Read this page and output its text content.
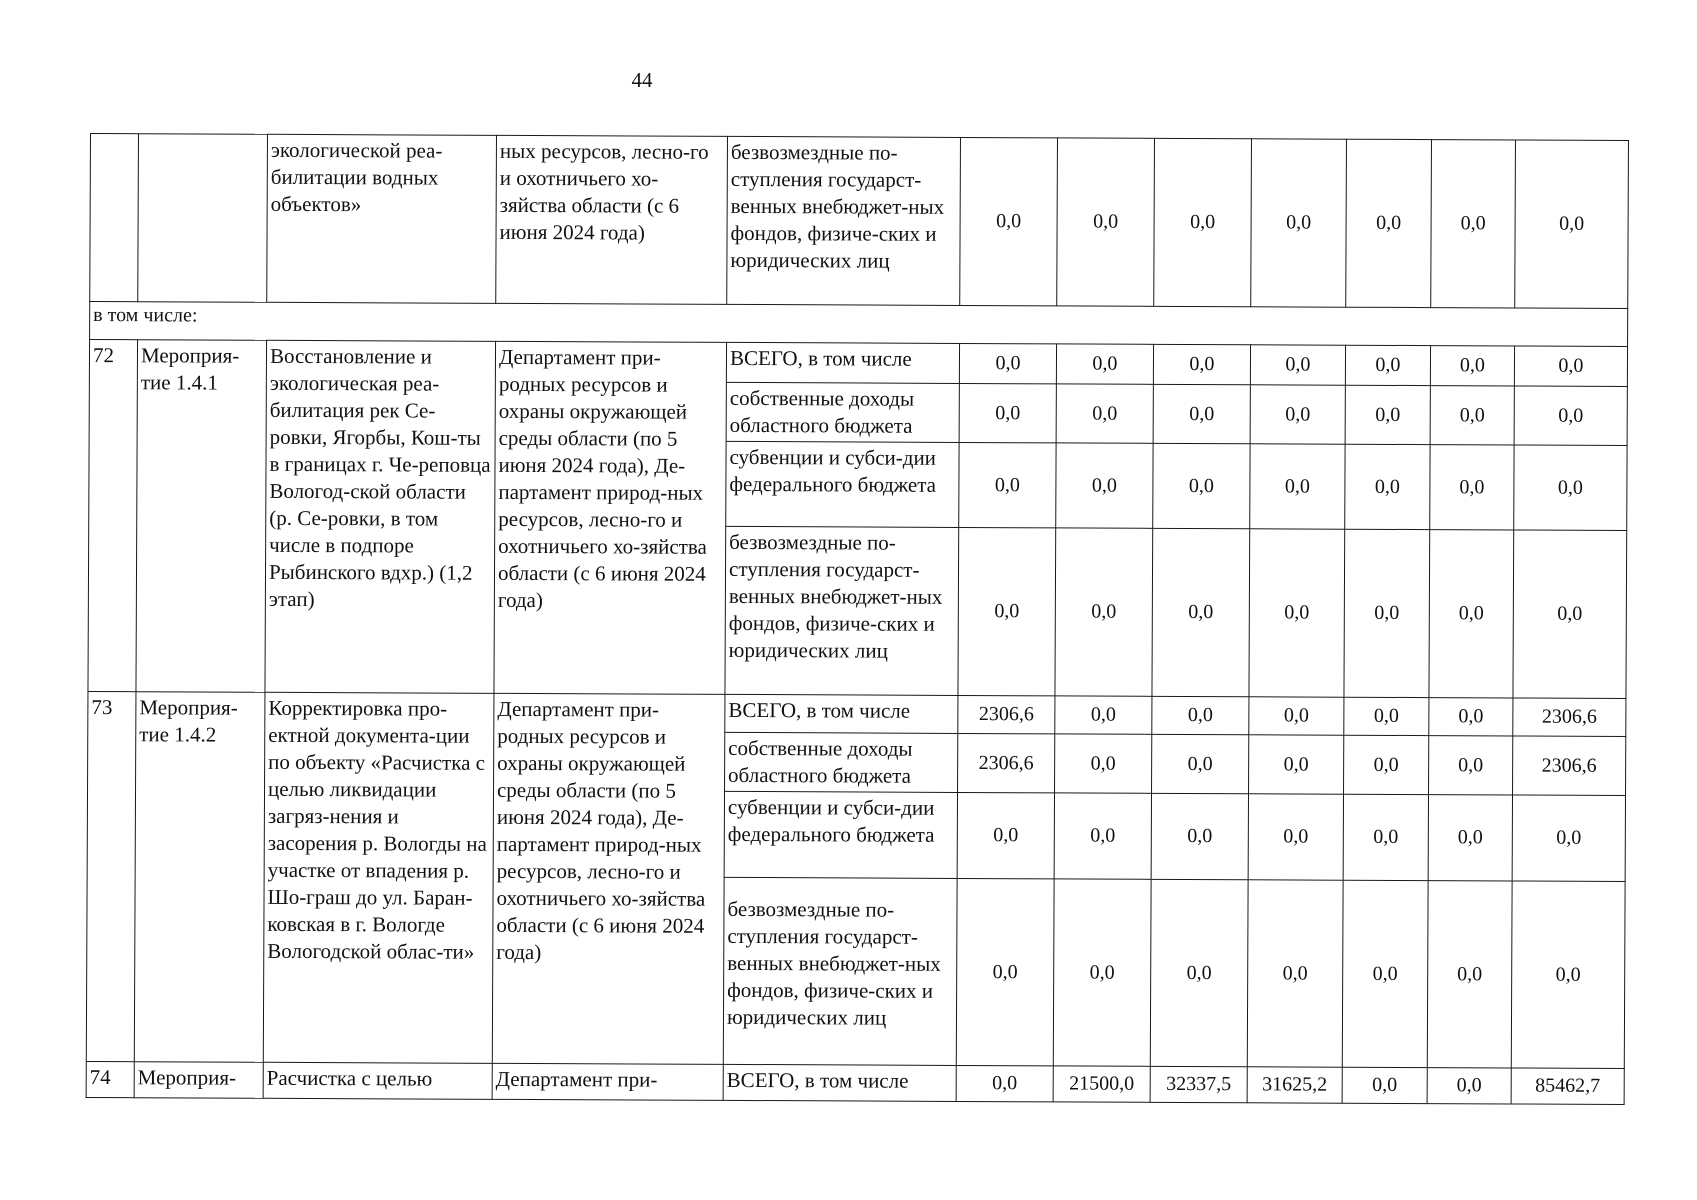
44
		экологической реа-билитации водных объектов»	ных ресурсов, лесно-го и охотничьего хо-зяйства области (с 6 июня 2024 года)	безвозмездные по-ступления государст-венных внебюджет-ных фондов, физиче-ских и юридических лиц	0,0	0,0	0,0	0,0	0,0	0,0	0,0
в том числе:											
72	Мероприя-тие 1.4.1	Восстановление и экологическая реа-билитация рек Се-ровки, Ягорбы, Кош-ты в границах г. Че-реповца Вологод-ской области (р. Се-ровки, в том числе в подпоре Рыбинского вдхр.) (1,2 этап)	Департамент при-родных ресурсов и охраны окружающей среды области (по 5 июня 2024 года), Де-партамент природ-ных ресурсов, лесно-го и охотничьего хо-зяйства области (с 6 июня 2024 года)	ВСЕГО, в том числе	0,0	0,0	0,0	0,0	0,0	0,0	0,0
				собственные доходы областного бюджета	0,0	0,0	0,0	0,0	0,0	0,0	0,0
				субвенции и субси-дии федерального бюджета	0,0	0,0	0,0	0,0	0,0	0,0	0,0
				безвозмездные по-ступления государст-венных внебюджет-ных фондов, физиче-ских и юридических лиц	0,0	0,0	0,0	0,0	0,0	0,0	0,0
73	Мероприя-тие 1.4.2	Корректировка про-ектной документа-ции по объекту «Расчистка с целью ликвидации загряз-нения и засорения р. Вологды на участке от впадения р. Шо-граш до ул. Баран-ковская в г. Вологде Вологодской облас-ти»	Департамент при-родных ресурсов и охраны окружающей среды области (по 5 июня 2024 года), Де-партамент природ-ных ресурсов, лесно-го и охотничьего хо-зяйства области (с 6 июня 2024 года)	ВСЕГО, в том числе	2306,6	0,0	0,0	0,0	0,0	0,0	2306,6
				собственные доходы областного бюджета	2306,6	0,0	0,0	0,0	0,0	0,0	2306,6
				субвенции и субси-дии федерального бюджета	0,0	0,0	0,0	0,0	0,0	0,0	0,0
				безвозмездные по-ступления государст-венных внебюджет-ных фондов, физиче-ских и юридических лиц	0,0	0,0	0,0	0,0	0,0	0,0	0,0
74	Мероприя-	Расчистка с целью	Департамент при-	ВСЕГО, в том числе	0,0	21500,0	32337,5	31625,2	0,0	0,0	85462,7
